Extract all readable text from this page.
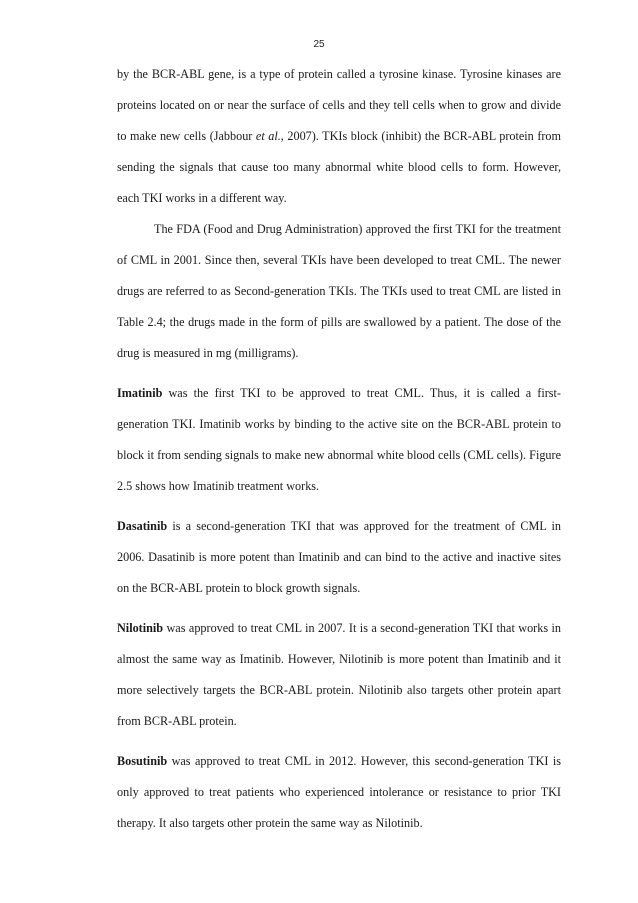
25

by the BCR-ABL gene, is a type of protein called a tyrosine kinase. Tyrosine kinases are proteins located on or near the surface of cells and they tell cells when to grow and divide to make new cells (Jabbour et al., 2007). TKIs block (inhibit) the BCR-ABL protein from sending the signals that cause too many abnormal white blood cells to form. However, each TKI works in a different way.

The FDA (Food and Drug Administration) approved the first TKI for the treatment of CML in 2001. Since then, several TKIs have been developed to treat CML. The newer drugs are referred to as Second-generation TKIs. The TKIs used to treat CML are listed in Table 2.4; the drugs made in the form of pills are swallowed by a patient. The dose of the drug is measured in mg (milligrams).

Imatinib was the first TKI to be approved to treat CML. Thus, it is called a first-generation TKI. Imatinib works by binding to the active site on the BCR-ABL protein to block it from sending signals to make new abnormal white blood cells (CML cells). Figure 2.5 shows how Imatinib treatment works.

Dasatinib is a second-generation TKI that was approved for the treatment of CML in 2006. Dasatinib is more potent than Imatinib and can bind to the active and inactive sites on the BCR-ABL protein to block growth signals.

Nilotinib was approved to treat CML in 2007. It is a second-generation TKI that works in almost the same way as Imatinib. However, Nilotinib is more potent than Imatinib and it more selectively targets the BCR-ABL protein. Nilotinib also targets other protein apart from BCR-ABL protein.

Bosutinib was approved to treat CML in 2012. However, this second-generation TKI is only approved to treat patients who experienced intolerance or resistance to prior TKI therapy. It also targets other protein the same way as Nilotinib.
